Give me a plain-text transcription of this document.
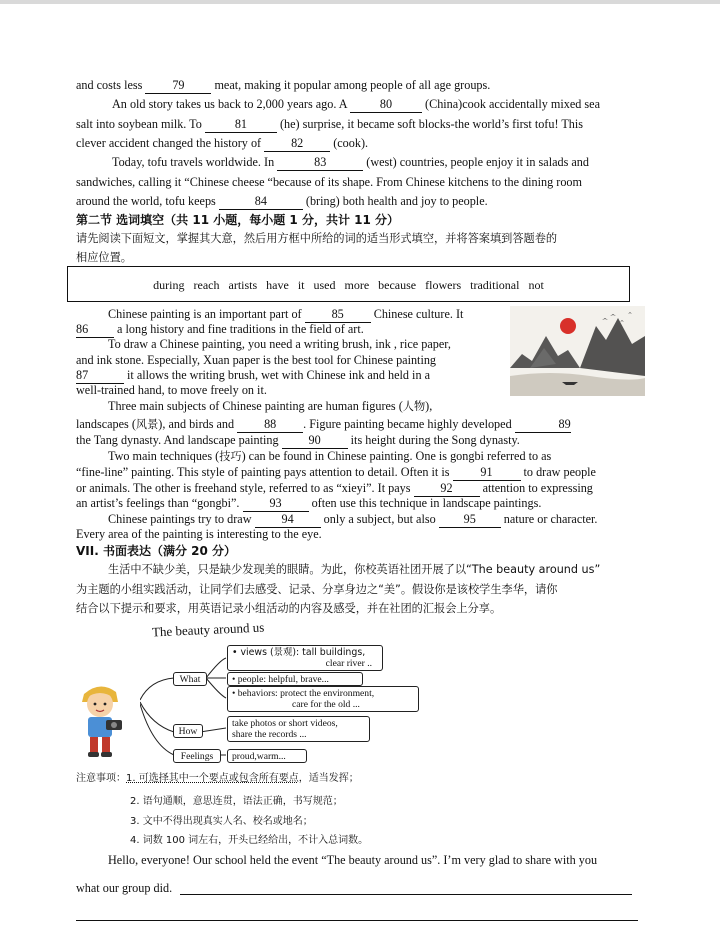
and costs less 79 meat, making it popular among people of all age groups.
An old story takes us back to 2,000 years ago. A	80	(China)cook accidentally mixed sea
salt into soybean milk. To	81	(he) surprise, it became soft blocks-the world’s first tofu! This
clever accident changed the history of 82 (cook).
Today, tofu travels worldwide. In	83	(west) countries, people enjoy it in salads and
sandwiches, calling it “Chinese cheese “because of its shape. From Chinese kitchens to the dining room
around the world, tofu keeps	84	(bring) both health and joy to people.
第二节 选词填空（共 11 小题，每小题 1 分，共计 11 分）
请先阅读下面短文，掌握其大意，然后用方框中所给的词的适当形式填空，并将答案填到答题卷的
相应位置。
during reach artists have it used more because flowers traditional not
Chinese painting is an important part of 85 Chinese culture. It
86 a long history and fine traditions in the field of art.
To draw a Chinese painting, you need a writing brush, ink , rice paper,
and ink stone. Especially, Xuan paper is the best tool for Chinese painting
87	it allows the writing brush, wet with Chinese ink and held in a
well-trained hand, to move freely on it.
Three main subjects of Chinese painting are human figures (人物),
landscapes (风景), and birds and 88 . Figure painting became highly developed	89
the Tang dynasty. And landscape painting 90 its height during the Song dynasty.
Two main techniques (技巧) can be found in Chinese painting. One is gongbi referred to as
“fine-line” painting. This style of painting pays attention to detail. Often it is	91	to draw people
or animals. The other is freehand style, referred to as “xieyi”. It pays 92 attention to expressing
an artist’s feelings than “gongbi”. 93 often use this technique in landscape paintings.
Chinese paintings try to draw 94 only a subject, but also 95 nature or character.
Every area of the painting is interesting to the eye.
VII. 书面表达（满分 20 分）
生活中不缺少美，只是缺少发现美的眼睛。为此，你校英语社团开展了以“The beauty around us”
为主题的小组实践活动，让同学们去感受、记录、分享身边之“美”。假设你是该校学生李华，请你
结合以下提示和要求，用英语记录小组活动的内容及感受，并在社团的汇报会上分享。
The beauty around us
What
How
Feelings
• views (景观): tall buildings,
clear river ..
• people: helpful, brave...
• behaviors: protect the environment,
care for the old ...
take photos or short videos,
share the records ...
proud,warm...
注意事项：1. 可选择其中一个要点或包含所有要点，适当发挥；
2. 语句通顺，意思连贯，语法正确，书写规范；
3. 文中不得出现真实人名、校名或地名；
4. 词数 100 词左右，开头已经给出，不计入总词数。
Hello, everyone! Our school held the event “The beauty around us”. I’m very glad to share with you
what our group did.
